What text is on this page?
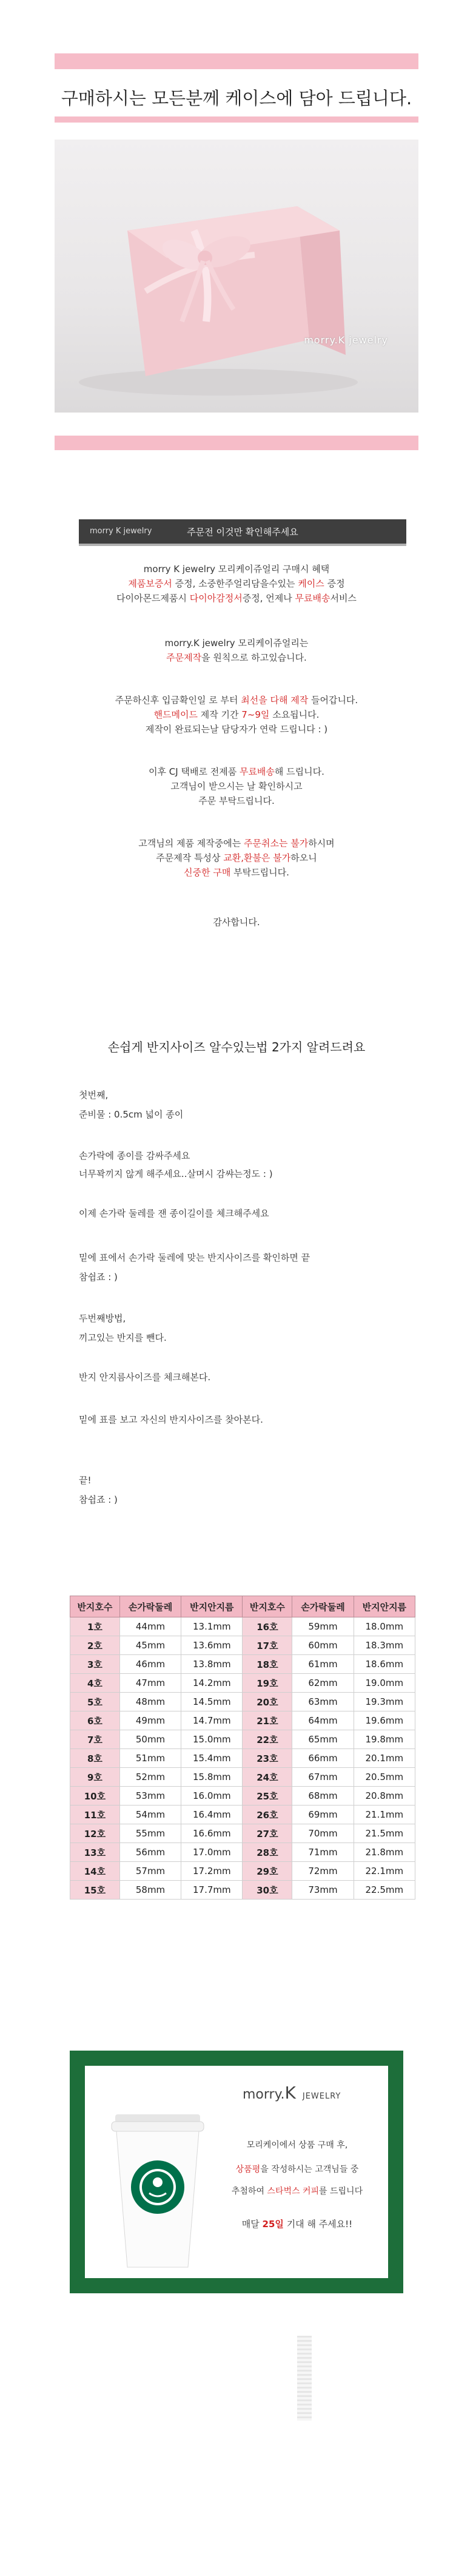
구매하시는 모든분께 케이스에 담아 드립니다.
morry.K jewelry
morry K jewelry	주문전 이것만 확인해주세요
morry K jewelry 모리케이쥬얼리 구매시 혜택
제품보증서 증정, 소중한주얼리담을수있는 케이스 증정
다이아몬드제품시 다이아감정서증정, 언제나 무료배송서비스
morry.K jewelry 모리케이쥬얼리는
주문제작을 원칙으로 하고있습니다.
주문하신후 입금확인일 로 부터 최선을 다해 제작 들어갑니다.
핸드메이드 제작 기간 7~9일 소요됩니다.
제작이 완료되는날 담당자가 연락 드립니다 : )
이후 CJ 택배로 전제품 무료배송해 드립니다.
고객님이 받으시는 날 확인하시고
주문 부탁드립니다.
고객님의 제품 제작중에는 주문취소는 불가하시며
주문제작 특성상 교환,환불은 불가하오니
신중한 구매 부탁드립니다.
감사합니다.
손쉽게 반지사이즈 알수있는법 2가지 알려드려요
첫번째,
준비물 : 0.5cm 넓이 종이
손가락에 종이를 감싸주세요
너무꽉끼지 않게 해주세요..살며시 감쌰는정도 : )
이제 손가락 둘레를 잰 종이길이를 체크해주세요
밑에 표에서 손가락 둘레에 맞는 반지사이즈를 확인하면 끝
참쉽죠 : )
두번째방법,
끼고있는 반지를 뺀다.
반지 안지름사이즈를 체크해본다.
밑에 표를 보고 자신의 반지사이즈를 찾아본다.
끝!
참쉽죠 : )
반지호수	손가락둘레	반지안지름	반지호수	손가락둘레	반지안지름
1호	44mm	13.1mm	16호	59mm	18.0mm
2호	45mm	13.6mm	17호	60mm	18.3mm
3호	46mm	13.8mm	18호	61mm	18.6mm
4호	47mm	14.2mm	19호	62mm	19.0mm
5호	48mm	14.5mm	20호	63mm	19.3mm
6호	49mm	14.7mm	21호	64mm	19.6mm
7호	50mm	15.0mm	22호	65mm	19.8mm
8호	51mm	15.4mm	23호	66mm	20.1mm
9호	52mm	15.8mm	24호	67mm	20.5mm
10호	53mm	16.0mm	25호	68mm	20.8mm
11호	54mm	16.4mm	26호	69mm	21.1mm
12호	55mm	16.6mm	27호	70mm	21.5mm
13호	56mm	17.0mm	28호	71mm	21.8mm
14호	57mm	17.2mm	29호	72mm	22.1mm
15호	58mm	17.7mm	30호	73mm	22.5mm
morry.K JEWELRY
모리케이에서 상품 구매 후,
상품평을 작성하시는 고객님들 중
추첨하여 스타벅스 커피를 드립니다
매달 25일 기대 해 주세요!!
